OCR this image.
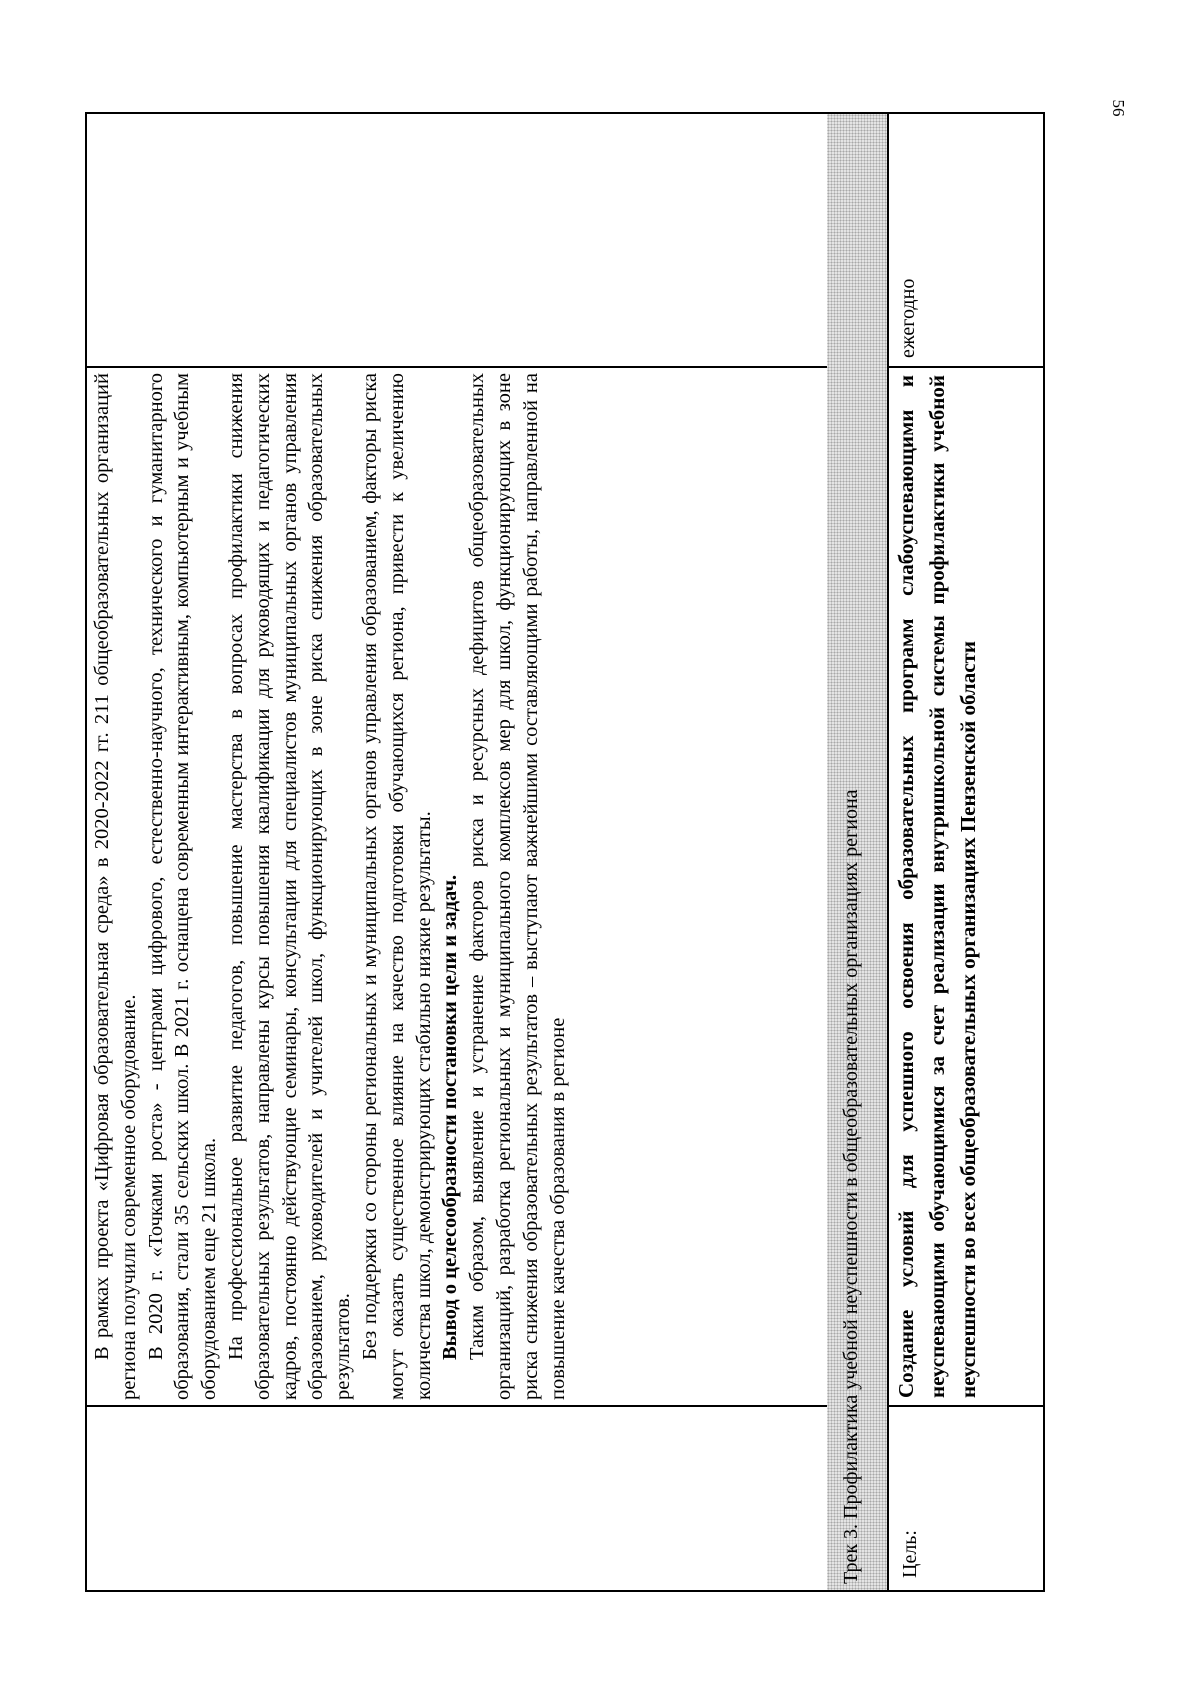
56

В рамках проекта «Цифровая образовательная среда» в 2020-2022 гг. 211 общеобразовательных организаций региона получили современное оборудование. В 2020 г. «Точками роста» - центрами цифрового, естественно-научного, технического и гуманитарного образования, стали 35 сельских школ. В 2021 г. оснащена современным интерактивным, компьютерным и учебным оборудованием еще 21 школа. На профессиональное развитие педагогов, повышение мастерства в вопросах профилактики снижения образовательных результатов, направлены курсы повышения квалификации для руководящих и педагогических кадров, постоянно действующие семинары, консультации для специалистов муниципальных органов управления образованием, руководителей и учителей школ, функционирующих в зоне риска снижения образовательных результатов. Без поддержки со стороны региональных и муниципальных органов управления образованием, факторы риска могут оказать существенное влияние на качество подготовки обучающихся региона, привести к увеличению количества школ, демонстрирующих стабильно низкие результаты. Вывод о целесообразности постановки цели и задач. Таким образом, выявление и устранение факторов риска и ресурсных дефицитов общеобразовательных организаций, разработка региональных и муниципального комплексов мер для школ, функционирующих в зоне риска снижения образовательных результатов – выступают важнейшими составляющими работы, направленной на повышение качества образования в регионе	Трек 3. Профилактика учебной неуспешности в общеобразовательных организациях региона Цель:
Создание условий для успешного освоения образовательных программ слабоуспевающими и неуспевающими обучающимися за счет реализации внутришкольной системы профилактики учебной неуспешности во всех общеобразовательных организациях Пензенской области
ежегодно
